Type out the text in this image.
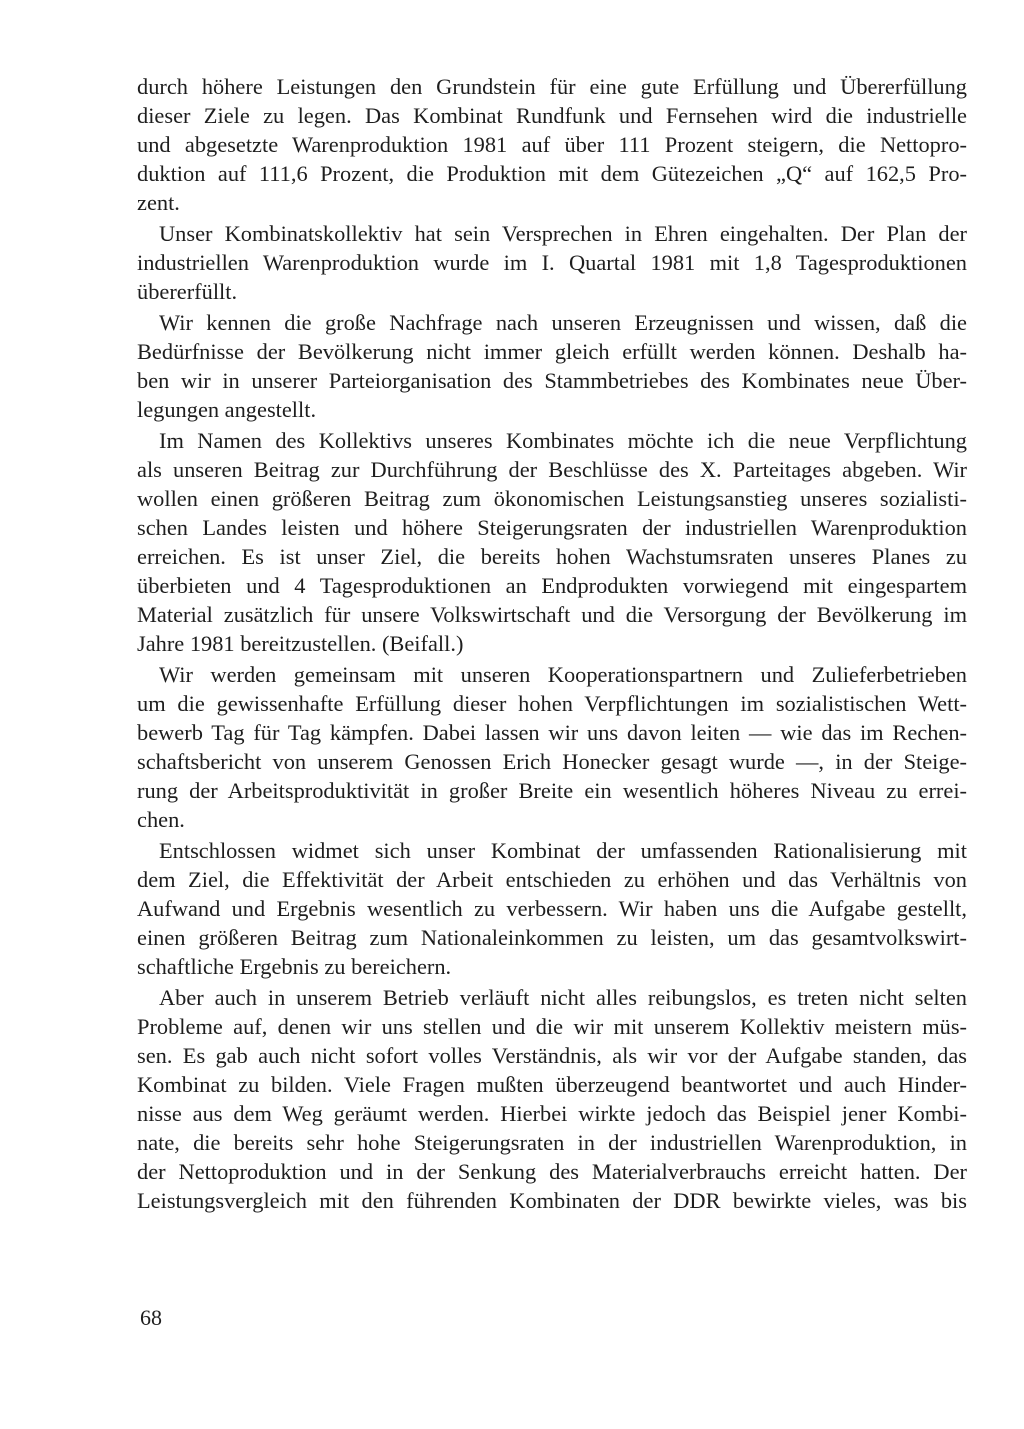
durch höhere Leistungen den Grundstein für eine gute Erfüllung und Übererfüllung
dieser Ziele zu legen. Das Kombinat Rundfunk und Fernsehen wird die industrielle
und abgesetzte Warenproduktion 1981 auf über 111 Prozent steigern, die Nettopro-
duktion auf 111,6 Prozent, die Produktion mit dem Gütezeichen „Q“ auf 162,5 Pro-
zent.
Unser Kombinatskollektiv hat sein Versprechen in Ehren eingehalten. Der Plan der
industriellen Warenproduktion wurde im I. Quartal 1981 mit 1,8 Tagesproduktionen
übererfüllt.
Wir kennen die große Nachfrage nach unseren Erzeugnissen und wissen, daß die
Bedürfnisse der Bevölkerung nicht immer gleich erfüllt werden können. Deshalb ha-
ben wir in unserer Parteiorganisation des Stammbetriebes des Kombinates neue Über-
legungen angestellt.
Im Namen des Kollektivs unseres Kombinates möchte ich die neue Verpflichtung
als unseren Beitrag zur Durchführung der Beschlüsse des X. Parteitages abgeben. Wir
wollen einen größeren Beitrag zum ökonomischen Leistungsanstieg unseres sozialisti-
schen Landes leisten und höhere Steigerungsraten der industriellen Warenproduktion
erreichen. Es ist unser Ziel, die bereits hohen Wachstumsraten unseres Planes zu
überbieten und 4 Tagesproduktionen an Endprodukten vorwiegend mit eingespartem
Material zusätzlich für unsere Volkswirtschaft und die Versorgung der Bevölkerung im
Jahre 1981 bereitzustellen. (Beifall.)
Wir werden gemeinsam mit unseren Kooperationspartnern und Zulieferbetrieben
um die gewissenhafte Erfüllung dieser hohen Verpflichtungen im sozialistischen Wett-
bewerb Tag für Tag kämpfen. Dabei lassen wir uns davon leiten — wie das im Rechen-
schaftsbericht von unserem Genossen Erich Honecker gesagt wurde —, in der Steige-
rung der Arbeitsproduktivität in großer Breite ein wesentlich höheres Niveau zu errei-
chen.
Entschlossen widmet sich unser Kombinat der umfassenden Rationalisierung mit
dem Ziel, die Effektivität der Arbeit entschieden zu erhöhen und das Verhältnis von
Aufwand und Ergebnis wesentlich zu verbessern. Wir haben uns die Aufgabe gestellt,
einen größeren Beitrag zum Nationaleinkommen zu leisten, um das gesamtvolkswirt-
schaftliche Ergebnis zu bereichern.
Aber auch in unserem Betrieb verläuft nicht alles reibungslos, es treten nicht selten
Probleme auf, denen wir uns stellen und die wir mit unserem Kollektiv meistern müs-
sen. Es gab auch nicht sofort volles Verständnis, als wir vor der Aufgabe standen, das
Kombinat zu bilden. Viele Fragen mußten überzeugend beantwortet und auch Hinder-
nisse aus dem Weg geräumt werden. Hierbei wirkte jedoch das Beispiel jener Kombi-
nate, die bereits sehr hohe Steigerungsraten in der industriellen Warenproduktion, in
der Nettoproduktion und in der Senkung des Materialverbrauchs erreicht hatten. Der
Leistungsvergleich mit den führenden Kombinaten der DDR bewirkte vieles, was bis
68
